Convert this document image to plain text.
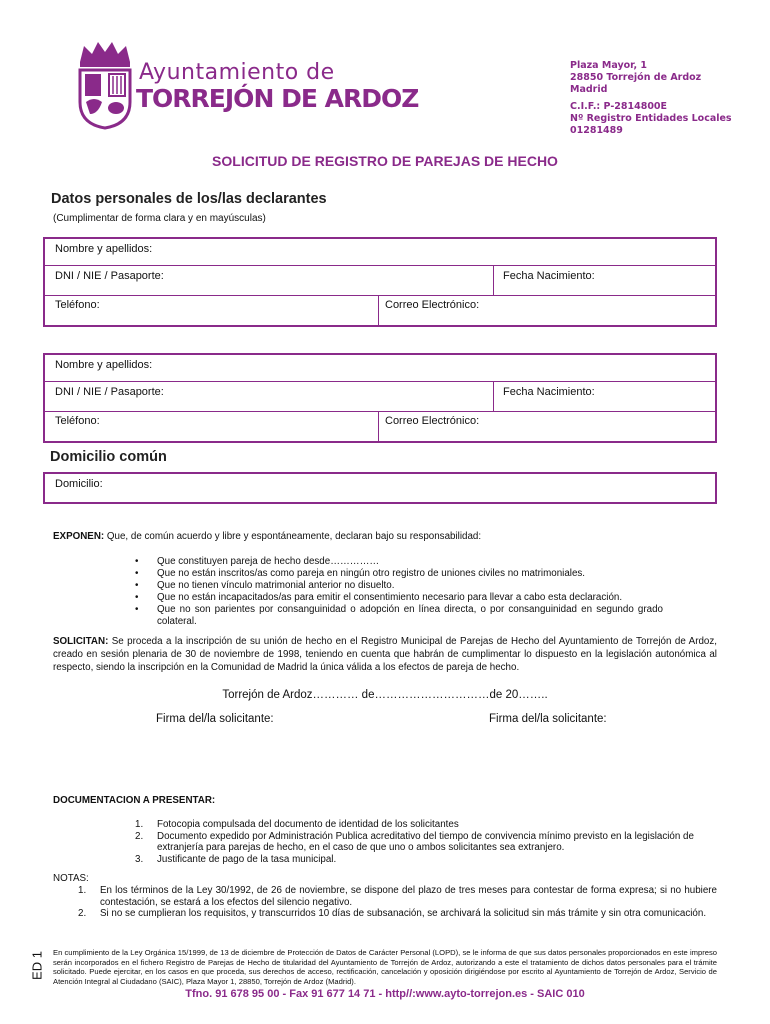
Ayuntamiento de
TORREJÓN DE ARDOZ
Plaza Mayor, 1
28850 Torrejón de Ardoz
Madrid
C.I.F.: P-2814800E
Nº Registro Entidades Locales
01281489
SOLICITUD DE REGISTRO DE PAREJAS DE HECHO
Datos personales de los/las declarantes
(Cumplimentar de forma clara y en mayúsculas)
Nombre y apellidos:
DNI / NIE / Pasaporte:	Fecha Nacimiento:
Teléfono:	Correo Electrónico:
Nombre y apellidos:
DNI / NIE / Pasaporte:	Fecha Nacimiento:
Teléfono:	Correo Electrónico:
Domicilio común
Domicilio:
EXPONEN: Que, de común acuerdo y libre y espontáneamente, declaran bajo su responsabilidad:
• Que constituyen pareja de hecho desde……………
• Que no están inscritos/as como pareja en ningún otro registro de uniones civiles no matrimoniales.
• Que no tienen vínculo matrimonial anterior no disuelto.
• Que no están incapacitados/as para emitir el consentimiento necesario para llevar a cabo esta declaración.
• Que no son parientes por consanguinidad o adopción en línea directa, o por consanguinidad en segundo grado colateral.
SOLICITAN: Se proceda a la inscripción de su unión de hecho en el Registro Municipal de Parejas de Hecho del Ayuntamiento de Torrejón de Ardoz, creado en sesión plenaria de 30 de noviembre de 1998, teniendo en cuenta que habrán de cumplimentar lo dispuesto en la legislación autonómica al respecto, siendo la inscripción en la Comunidad de Madrid la única válida a los efectos de pareja de hecho.
Torrejón de Ardoz………… de…………………………de 20……..
Firma del/la solicitante:	Firma del/la solicitante:
DOCUMENTACION A PRESENTAR:
1. Fotocopia compulsada del documento de identidad de los solicitantes
2. Documento expedido por Administración Publica acreditativo del tiempo de convivencia mínimo previsto en la legislación de extranjería para parejas de hecho, en el caso de que uno o ambos solicitantes sea extranjero.
3. Justificante de pago de la tasa municipal.
NOTAS:
1. En los términos de la Ley 30/1992, de 26 de noviembre, se dispone del plazo de tres meses para contestar de forma expresa; si no hubiere contestación, se estará a los efectos del silencio negativo.
2. Si no se cumplieran los requisitos, y transcurridos 10 días de subsanación, se archivará la solicitud sin más trámite y sin otra comunicación.
ED 1 En cumplimiento de la Ley Orgánica 15/1999, de 13 de diciembre de Protección de Datos de Carácter Personal (LOPD), se le informa de que sus datos personales proporcionados en este impreso serán incorporados en el fichero Registro de Parejas de Hecho de titularidad del Ayuntamiento de Torrejón de Ardoz, autorizando a este el tratamiento de dichos datos personales para el trámite solicitado. Puede ejercitar, en los casos en que proceda, sus derechos de acceso, rectificación, cancelación y oposición dirigiéndose por escrito al Ayuntamiento de Torrejón de Ardoz, Servicio de Atención Integral al Ciudadano (SAIC), Plaza Mayor 1, 28850, Torrejón de Ardoz (Madrid).
Tfno. 91 678 95 00 - Fax 91 677 14 71 - http//:www.ayto-torrejon.es - SAIC 010
